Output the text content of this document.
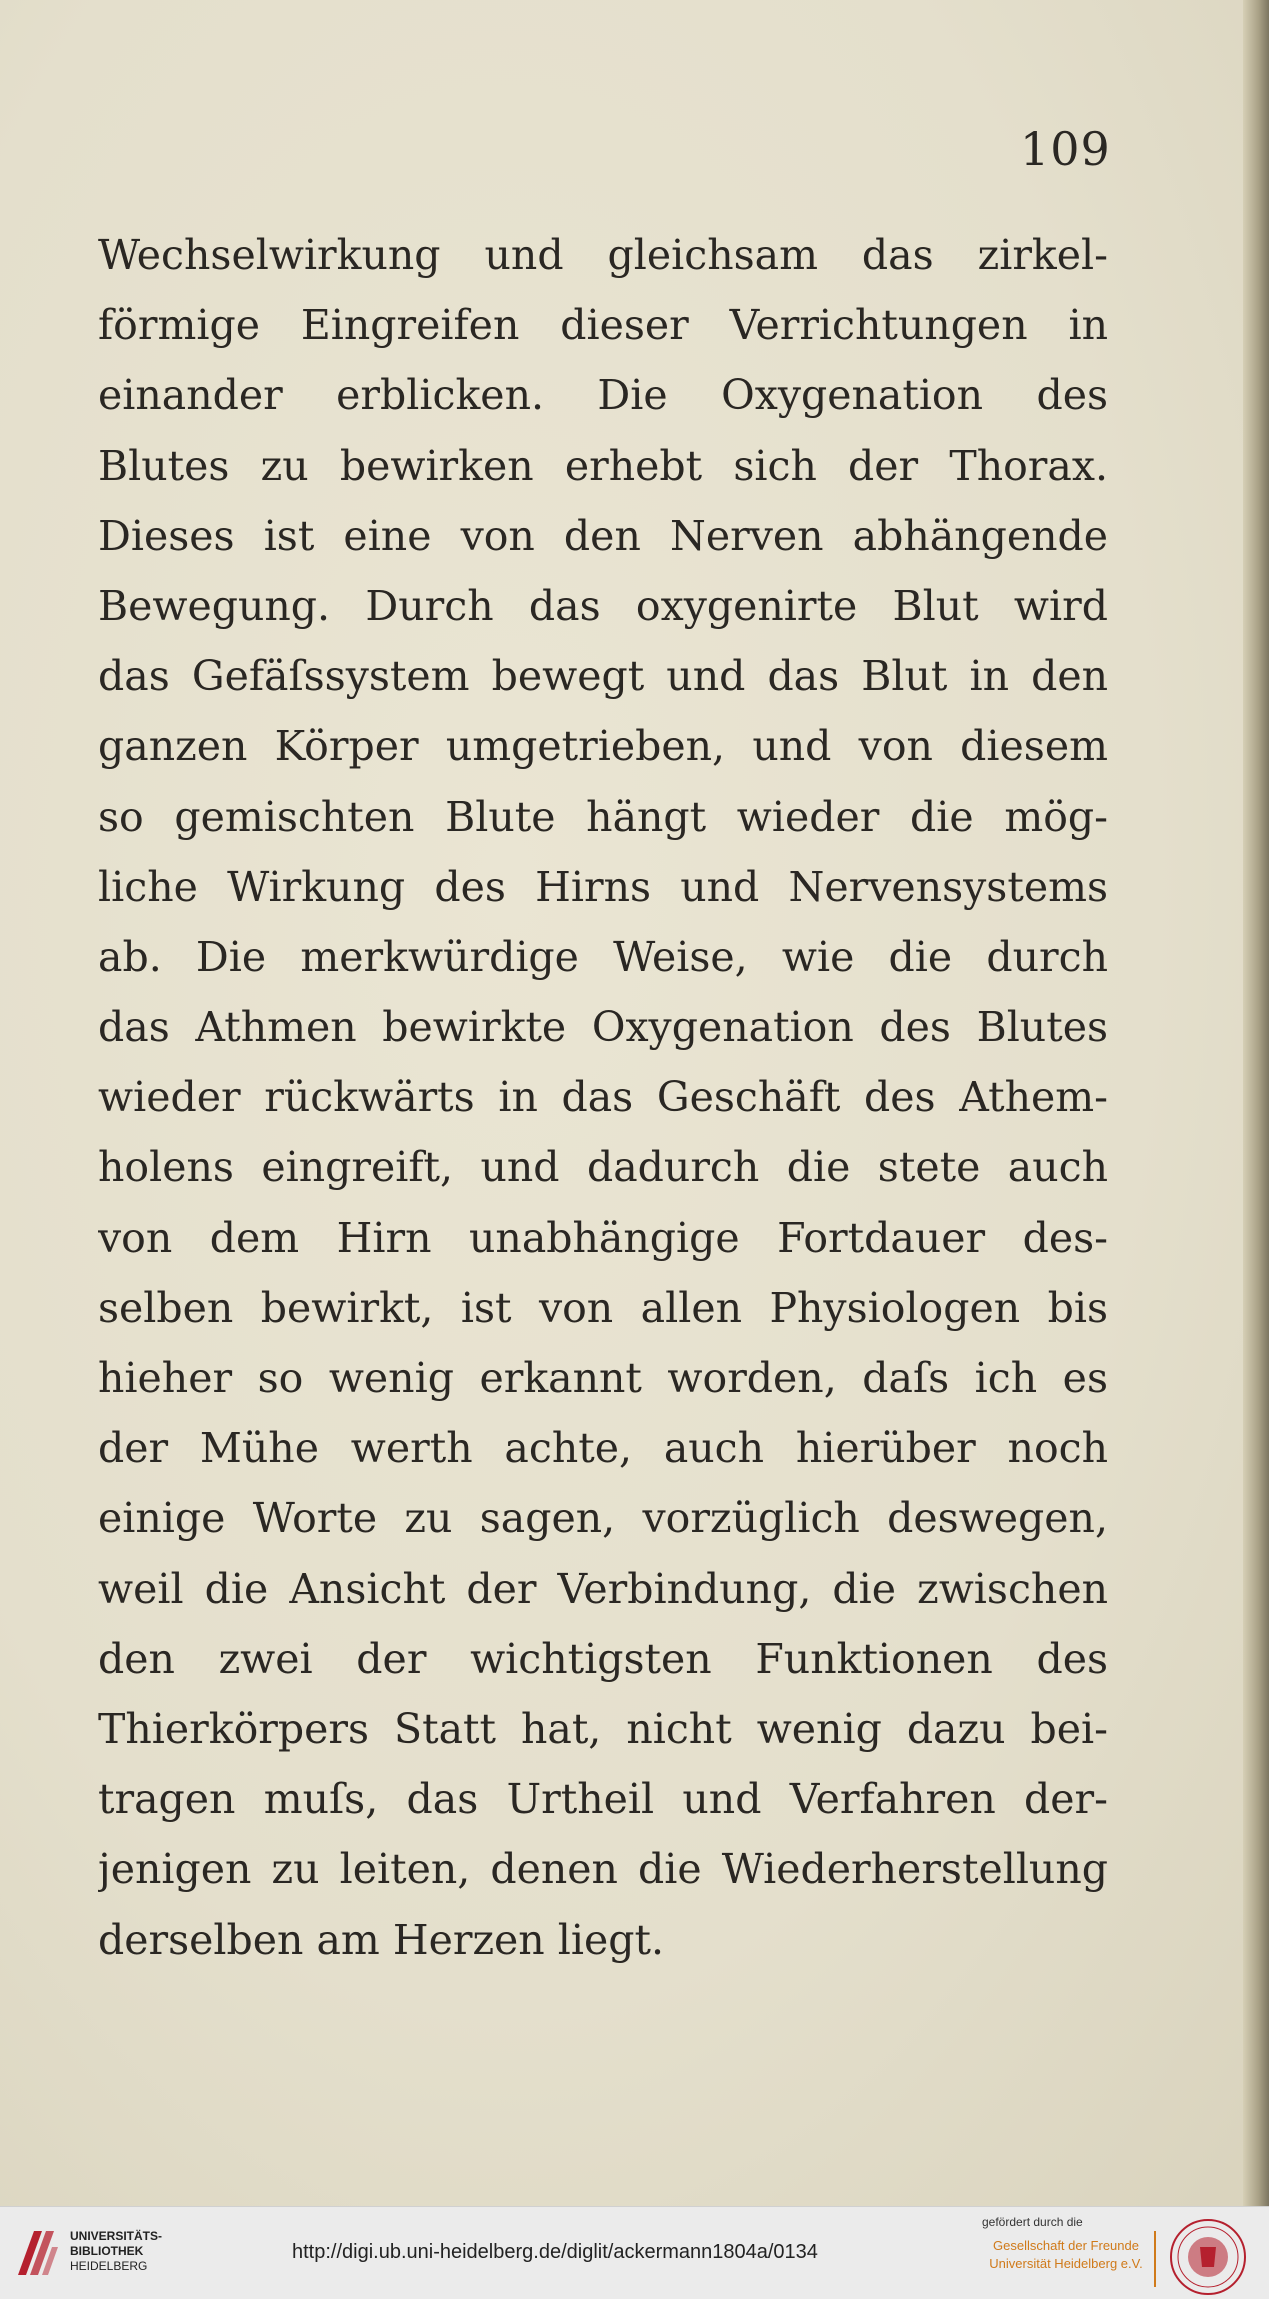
109
Wechselwirkung und gleichsam das zirkel-
förmige Eingreifen dieser Verrichtungen in
einander erblicken. Die Oxygenation des
Blutes zu bewirken erhebt sich der Thorax.
Dieses ist eine von den Nerven abhängende
Bewegung. Durch das oxygenirte Blut wird
das Gefäſssystem bewegt und das Blut in den
ganzen Körper umgetrieben, und von diesem
so gemischten Blute hängt wieder die mög-
liche Wirkung des Hirns und Nervensystems
ab. Die merkwürdige Weise, wie die durch
das Athmen bewirkte Oxygenation des Blutes
wieder rückwärts in das Geschäft des Athem-
holens eingreift, und dadurch die stete auch
von dem Hirn unabhängige Fortdauer des-
selben bewirkt, ist von allen Physiologen bis
hieher so wenig erkannt worden, daſs ich es
der Mühe werth achte, auch hierüber noch
einige Worte zu sagen, vorzüglich deswegen,
weil die Ansicht der Verbindung, die zwischen
den zwei der wichtigsten Funktionen des
Thierkörpers Statt hat, nicht wenig dazu bei-
tragen muſs, das Urtheil und Verfahren der-
jenigen zu leiten, denen die Wiederherstellung
derselben am Herzen liegt.
UNIVERSITÄTS-
BIBLIOTHEK
HEIDELBERG
http://digi.ub.uni-heidelberg.de/diglit/ackermann1804a/0134
gefördert durch die
Gesellschaft der Freunde
Universität Heidelberg e.V.
